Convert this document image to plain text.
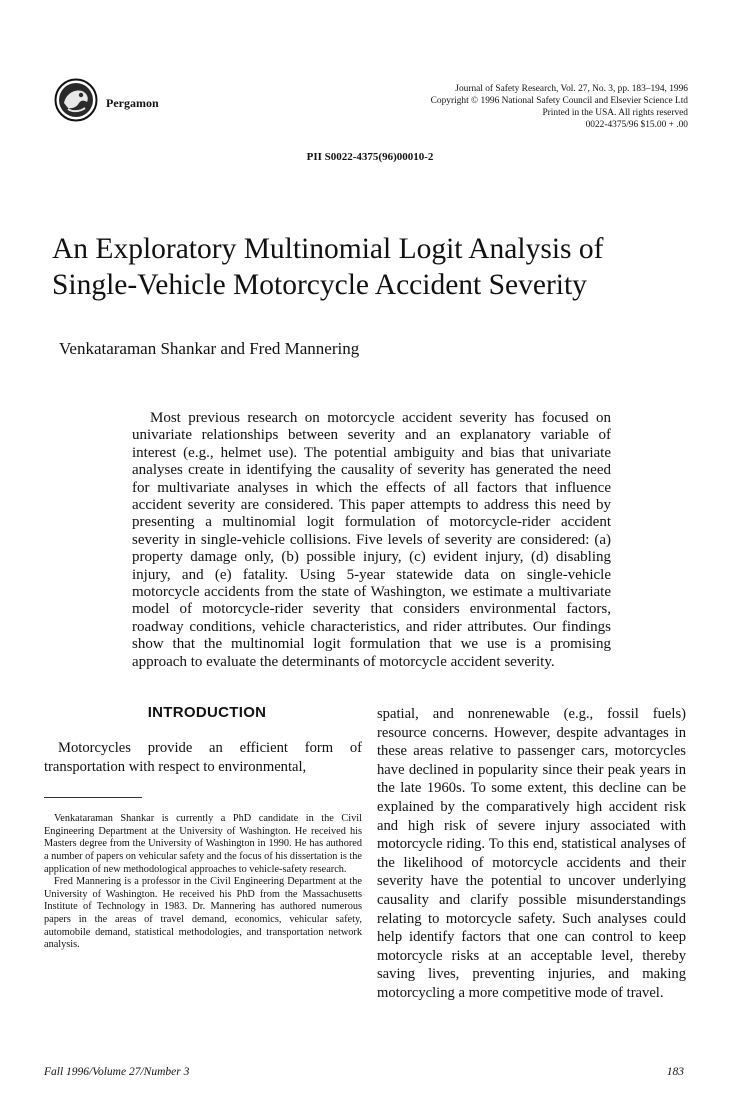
Pergamon
Journal of Safety Research, Vol. 27, No. 3, pp. 183–194, 1996
Copyright © 1996 National Safety Council and Elsevier Science Ltd
Printed in the USA. All rights reserved
0022-4375/96 $15.00 + .00
PII S0022-4375(96)00010-2
An Exploratory Multinomial Logit Analysis of
Single-Vehicle Motorcycle Accident Severity
Venkataraman Shankar and Fred Mannering

Most previous research on motorcycle accident severity has focused on univariate relationships between severity and an explanatory variable of interest (e.g., helmet use). The potential ambiguity and bias that univariate analyses create in identifying the causality of severity has generated the need for multivariate analyses in which the effects of all factors that influence accident severity are considered. This paper attempts to address this need by presenting a multinomial logit formulation of motorcycle-rider accident severity in single-vehicle collisions. Five levels of severity are considered: (a) property damage only, (b) possible injury, (c) evident injury, (d) disabling injury, and (e) fatality. Using 5-year statewide data on single-vehicle motorcycle accidents from the state of Washington, we estimate a multivariate model of motorcycle-rider severity that considers environmental factors, roadway conditions, vehicle characteristics, and rider attributes. Our findings show that the multinomial logit formulation that we use is a promising approach to evaluate the determinants of motorcycle accident severity.

INTRODUCTION

Motorcycles provide an efficient form of transportation with respect to environmental,

Venkataraman Shankar is currently a PhD candidate in the Civil Engineering Department at the University of Washington. He received his Masters degree from the University of Washington in 1990. He has authored a number of papers on vehicular safety and the focus of his dissertation is the application of new methodological approaches to vehicle-safety research.

Fred Mannering is a professor in the Civil Engineering Department at the University of Washington. He received his PhD from the Massachusetts Institute of Technology in 1983. Dr. Mannering has authored numerous papers in the areas of travel demand, economics, vehicular safety, automobile demand, statistical methodologies, and transportation network analysis.

spatial, and nonrenewable (e.g., fossil fuels) resource concerns. However, despite advantages in these areas relative to passenger cars, motorcycles have declined in popularity since their peak years in the late 1960s. To some extent, this decline can be explained by the comparatively high accident risk and high risk of severe injury associated with motorcycle riding. To this end, statistical analyses of the likelihood of motorcycle accidents and their severity have the potential to uncover underlying causality and clarify possible misunderstandings relating to motorcycle safety. Such analyses could help identify factors that one can control to keep motorcycle risks at an acceptable level, thereby saving lives, preventing injuries, and making motorcycling a more competitive mode of travel.

Fall 1996/Volume 27/Number 3	183
